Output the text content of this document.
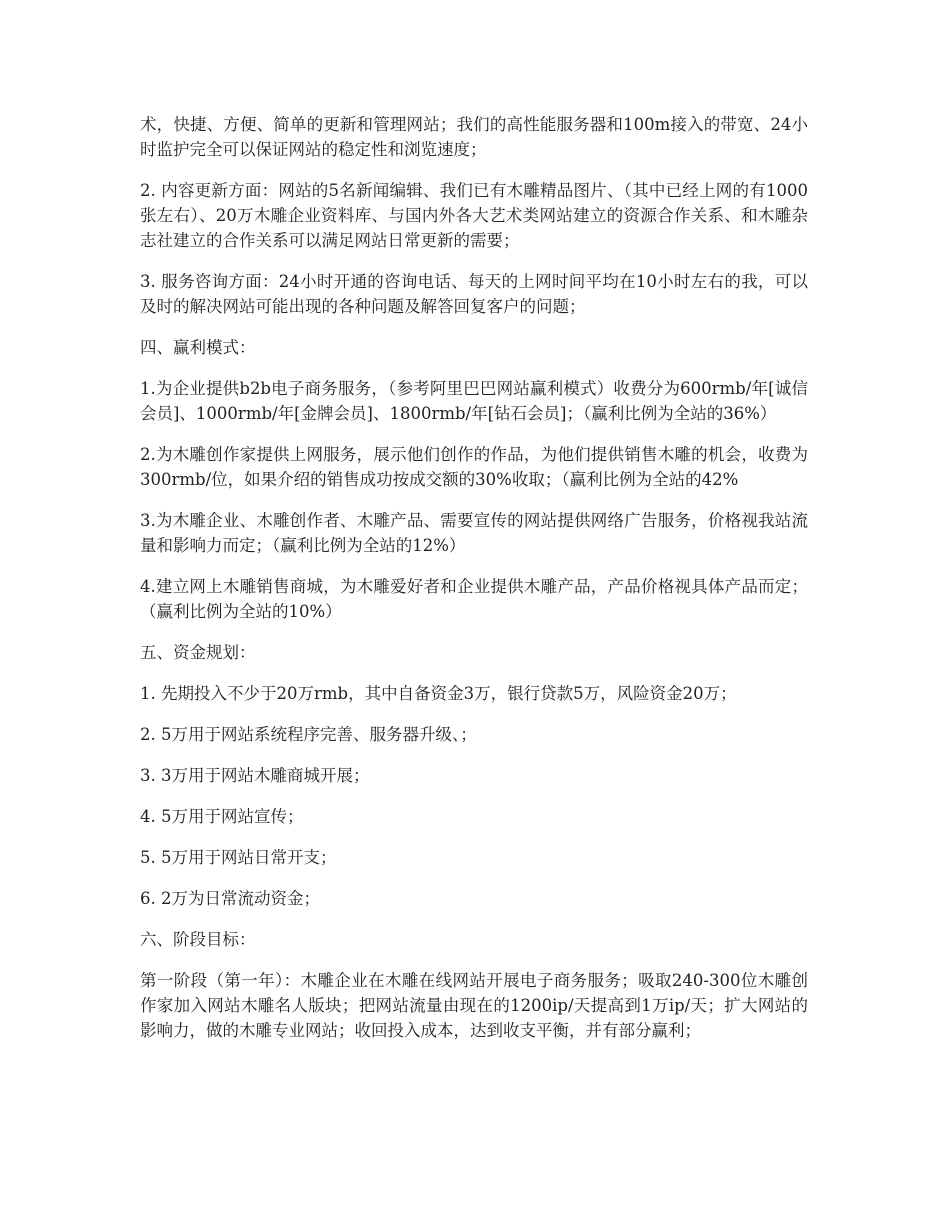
术，快捷、方便、简单的更新和管理网站；我们的高性能服务器和100m接入的带宽、24小时监护完全可以保证网站的稳定性和浏览速度；

2. 内容更新方面：网站的5名新闻编辑、我们已有木雕精品图片、（其中已经上网的有1000张左右）、20万木雕企业资料库、与国内外各大艺术类网站建立的资源合作关系、和木雕杂志社建立的合作关系可以满足网站日常更新的需要；

3. 服务咨询方面：24小时开通的咨询电话、每天的上网时间平均在10小时左右的我，可以及时的解决网站可能出现的各种问题及解答回复客户的问题；

四、赢利模式：

1.为企业提供b2b电子商务服务，（参考阿里巴巴网站赢利模式）收费分为600rmb/年[诚信会员]、1000rmb/年[金牌会员]、1800rmb/年[钻石会员]；（赢利比例为全站的36%）

2.为木雕创作家提供上网服务，展示他们创作的作品，为他们提供销售木雕的机会，收费为300rmb/位，如果介绍的销售成功按成交额的30%收取；（赢利比例为全站的42%

3.为木雕企业、木雕创作者、木雕产品、需要宣传的网站提供网络广告服务，价格视我站流量和影响力而定；（赢利比例为全站的12%）

4.建立网上木雕销售商城，为木雕爱好者和企业提供木雕产品，产品价格视具体产品而定；（赢利比例为全站的10%）

五、资金规划：

1. 先期投入不少于20万rmb，其中自备资金3万，银行贷款5万，风险资金20万；

2. 5万用于网站系统程序完善、服务器升级、；

3. 3万用于网站木雕商城开展；

4. 5万用于网站宣传；

5. 5万用于网站日常开支；

6. 2万为日常流动资金；

六、阶段目标：

第一阶段（第一年）：木雕企业在木雕在线网站开展电子商务服务；吸取240-300位木雕创作家加入网站木雕名人版块；把网站流量由现在的1200ip/天提高到1万ip/天；扩大网站的影响力，做的木雕专业网站；收回投入成本，达到收支平衡，并有部分赢利；
